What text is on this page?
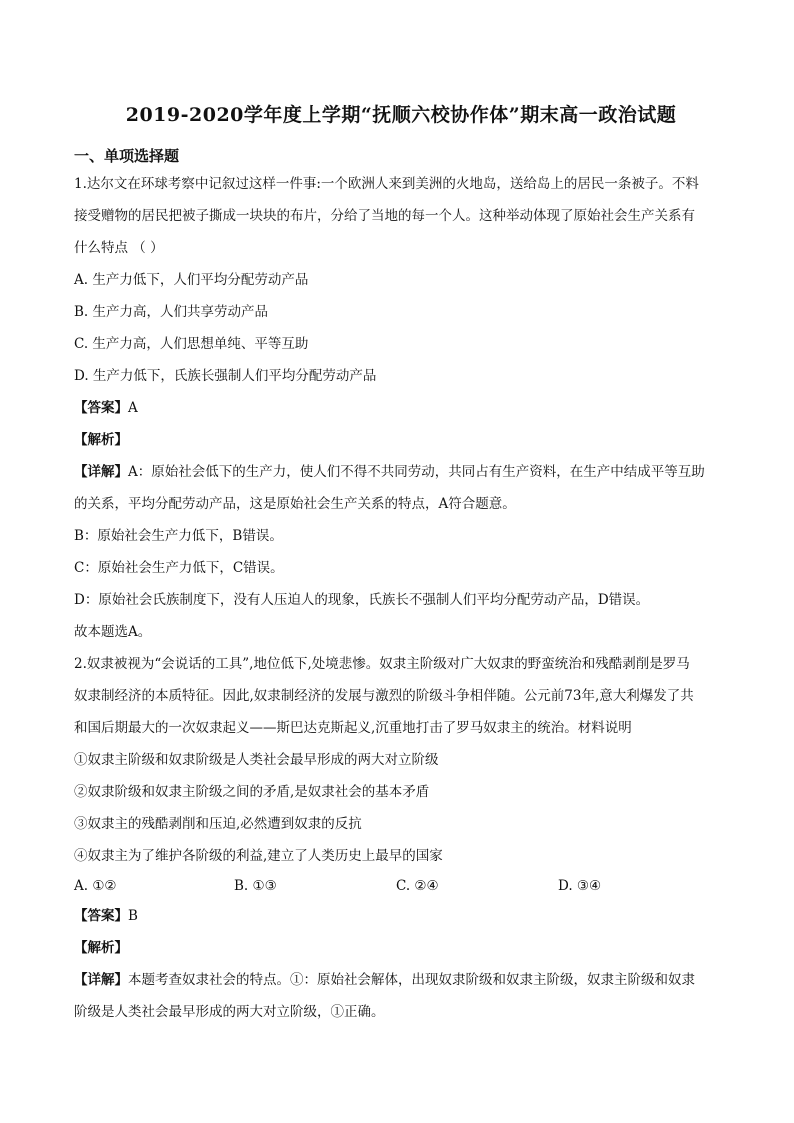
2019-2020学年度上学期“抚顺六校协作体”期末高一政治试题
一、单项选择题
1.达尔文在环球考察中记叙过这样一件事:一个欧洲人来到美洲的火地岛，送给岛上的居民一条被子。不料
接受赠物的居民把被子撕成一块块的布片，分给了当地的每一个人。这种举动体现了原始社会生产关系有
什么特点 （ ）
A. 生产力低下，人们平均分配劳动产品
B. 生产力高，人们共享劳动产品
C. 生产力高，人们思想单纯、平等互助
D. 生产力低下，氏族长强制人们平均分配劳动产品
【答案】A
【解析】
【详解】A：原始社会低下的生产力，使人们不得不共同劳动，共同占有生产资料，在生产中结成平等互助
的关系，平均分配劳动产品，这是原始社会生产关系的特点，A符合题意。
B：原始社会生产力低下，B错误。
C：原始社会生产力低下，C错误。
D：原始社会氏族制度下，没有人压迫人的现象，氏族长不强制人们平均分配劳动产品，D错误。
故本题选A。
2.奴隶被视为“会说话的工具”,地位低下,处境悲惨。奴隶主阶级对广大奴隶的野蛮统治和残酷剥削是罗马
奴隶制经济的本质特征。因此,奴隶制经济的发展与激烈的阶级斗争相伴随。公元前73年,意大利爆发了共
和国后期最大的一次奴隶起义——斯巴达克斯起义,沉重地打击了罗马奴隶主的统治。材料说明
①奴隶主阶级和奴隶阶级是人类社会最早形成的两大对立阶级
②奴隶阶级和奴隶主阶级之间的矛盾,是奴隶社会的基本矛盾
③奴隶主的残酷剥削和压迫,必然遭到奴隶的反抗
④奴隶主为了维护各阶级的利益,建立了人类历史上最早的国家
A. ①②	B. ①③	C. ②④	D. ③④
【答案】B
【解析】
【详解】本题考查奴隶社会的特点。①：原始社会解体，出现奴隶阶级和奴隶主阶级，奴隶主阶级和奴隶
阶级是人类社会最早形成的两大对立阶级，①正确。
